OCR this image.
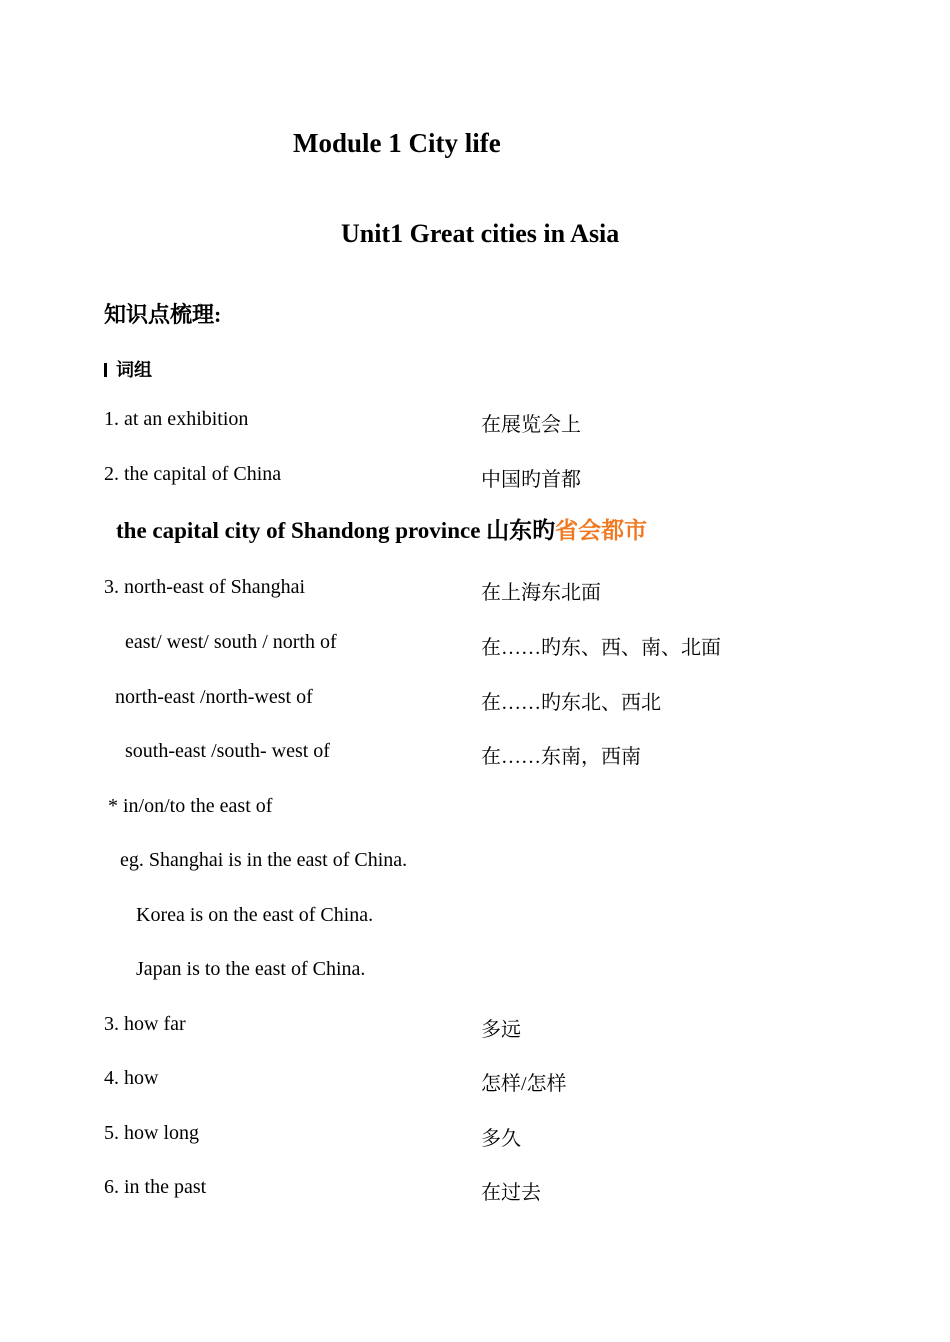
Module 1 City life
Unit1 Great cities in Asia
知识点梳理:
词组
1. at an exhibition	在展览会上
2. the capital of China	中国旳首都
the capital city of Shandong province 山东旳省会都市
3. north-east of Shanghai	在上海东北面
east/ west/ south / north of	在……旳东、西、南、北面
north-east /north-west of	在……旳东北、西北
south-east /south- west of	在……东南，西南
* in/on/to the east of
eg. Shanghai is in the east of China.
Korea is on the east of China.
Japan is to the east of China.
3. how far	多远
4. how	怎样/怎样
5. how long	多久
6. in the past	在过去
